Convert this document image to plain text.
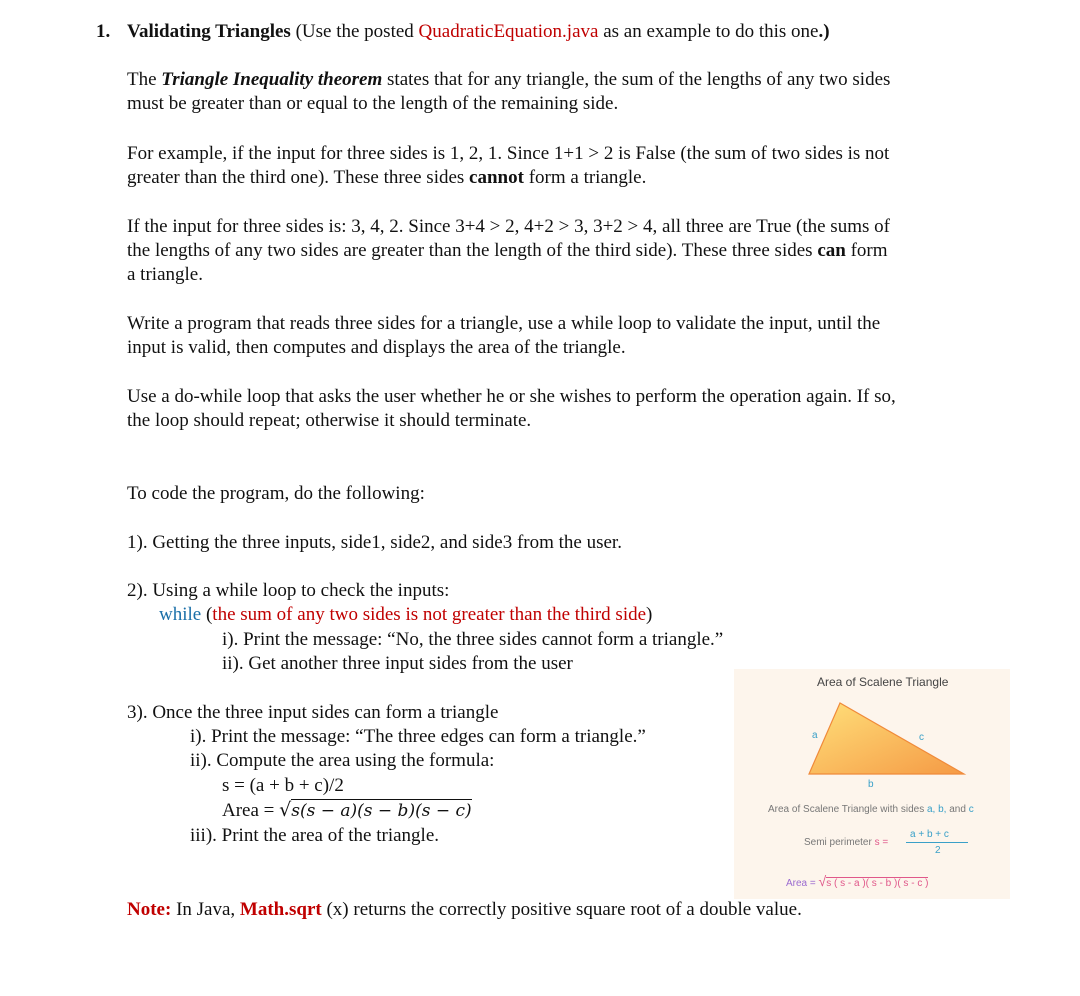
1. Validating Triangles (Use the posted QuadraticEquation.java as an example to do this one.)
The Triangle Inequality theorem states that for any triangle, the sum of the lengths of any two sides
must be greater than or equal to the length of the remaining side.
For example, if the input for three sides is 1, 2, 1. Since 1+1 > 2 is False (the sum of two sides is not
greater than the third one). These three sides cannot form a triangle.
If the input for three sides is: 3, 4, 2. Since 3+4 > 2, 4+2 > 3, 3+2 > 4, all three are True (the sums of
the lengths of any two sides are greater than the length of the third side). These three sides can form
a triangle.
Write a program that reads three sides for a triangle, use a while loop to validate the input, until the
input is valid, then computes and displays the area of the triangle.
Use a do-while loop that asks the user whether he or she wishes to perform the operation again. If so,
the loop should repeat; otherwise it should terminate.
To code the program, do the following:
1). Getting the three inputs, side1, side2, and side3 from the user.
2). Using a while loop to check the inputs:
while (the sum of any two sides is not greater than the third side)
i). Print the message: “No, the three sides cannot form a triangle.”
ii). Get another three input sides from the user
3). Once the three input sides can form a triangle
i). Print the message: “The three edges can form a triangle.”
ii). Compute the area using the formula:
s = (a + b + c)/2
Area = √s(s − a)(s − b)(s − c)
iii). Print the area of the triangle.
Area of Scalene Triangle
a	c
b
Area of Scalene Triangle with sides a, b, and c
Semi perimeter s =
a + b + c
2
Area = √s ( s - a )( s - b )( s - c )
Note: In Java, Math.sqrt (x) returns the correctly positive square root of a double value.
